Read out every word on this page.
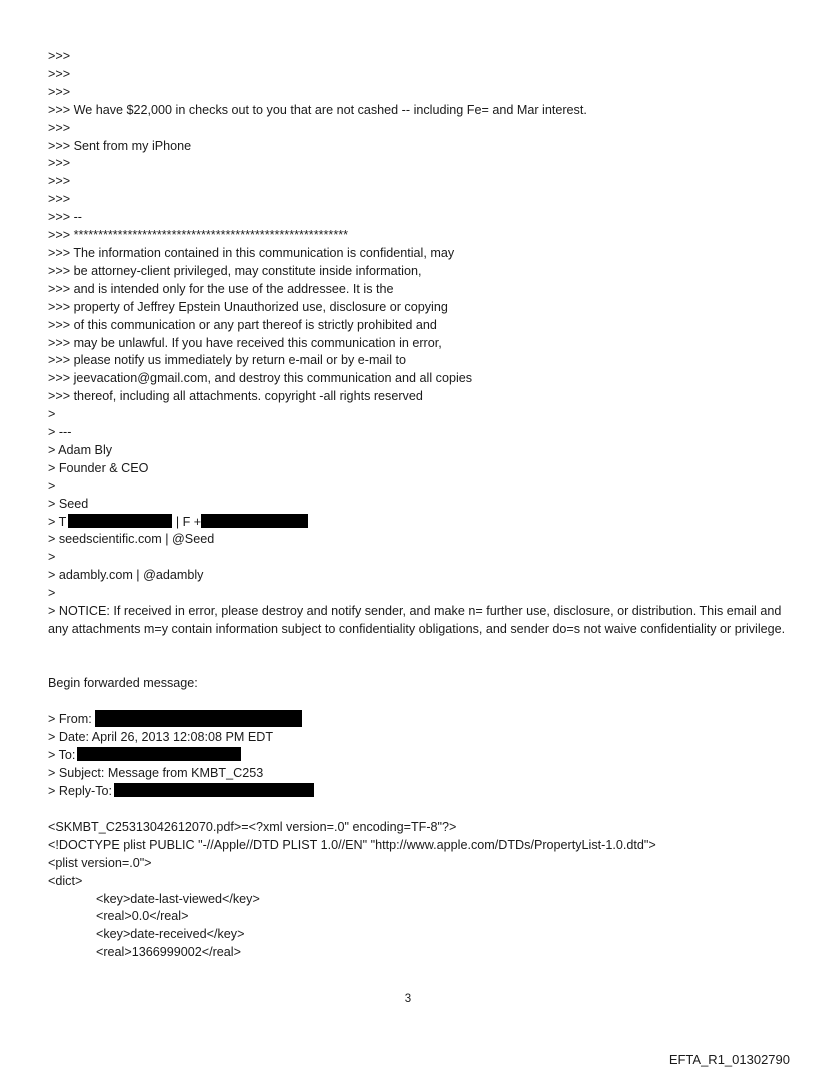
>>>
>>>
>>>
>>> We have $22,000 in checks out to you that are not cashed -- including Fe= and Mar interest.
>>>
>>> Sent from my iPhone
>>>
>>>
>>>
>>> --
>>> ********************************************************
>>> The information contained in this communication is confidential, may
>>> be attorney-client privileged, may constitute inside information,
>>> and is intended only for the use of the addressee. It is the
>>> property of Jeffrey Epstein Unauthorized use, disclosure or copying
>>> of this communication or any part thereof is strictly prohibited and
>>> may be unlawful. If you have received this communication in error,
>>> please notify us immediately by return e-mail or by e-mail to
>>> jeevacation@gmail.com, and destroy this communication and all copies
>>> thereof, including all attachments. copyright -all rights reserved
>
> ---
> Adam Bly
> Founder & CEO
>
> Seed
> T	| F +
> seedscientific.com | @Seed
>
> adambly.com | @adambly
>
> NOTICE: If received in error, please destroy and notify sender, and make n= further use, disclosure, or distribution. This email and any attachments m=y contain information subject to confidentiality obligations, and sender do=s not waive confidentiality or privilege.
Begin forwarded message:
> From:
> Date: April 26, 2013 12:08:08 PM EDT
> To:
> Subject: Message from KMBT_C253
> Reply-To:
<SKMBT_C25313042612070.pdf>=<?xml version=.0" encoding=TF-8"?>
<!DOCTYPE plist PUBLIC "-//Apple//DTD PLIST 1.0//EN" "http://www.apple.com/DTDs/PropertyList-1.0.dtd">
<plist version=.0">
<dict>
<key>date-last-viewed</key>
<real>0.0</real>
<key>date-received</key>
<real>1366999002</real>
3
EFTA_R1_01302790
